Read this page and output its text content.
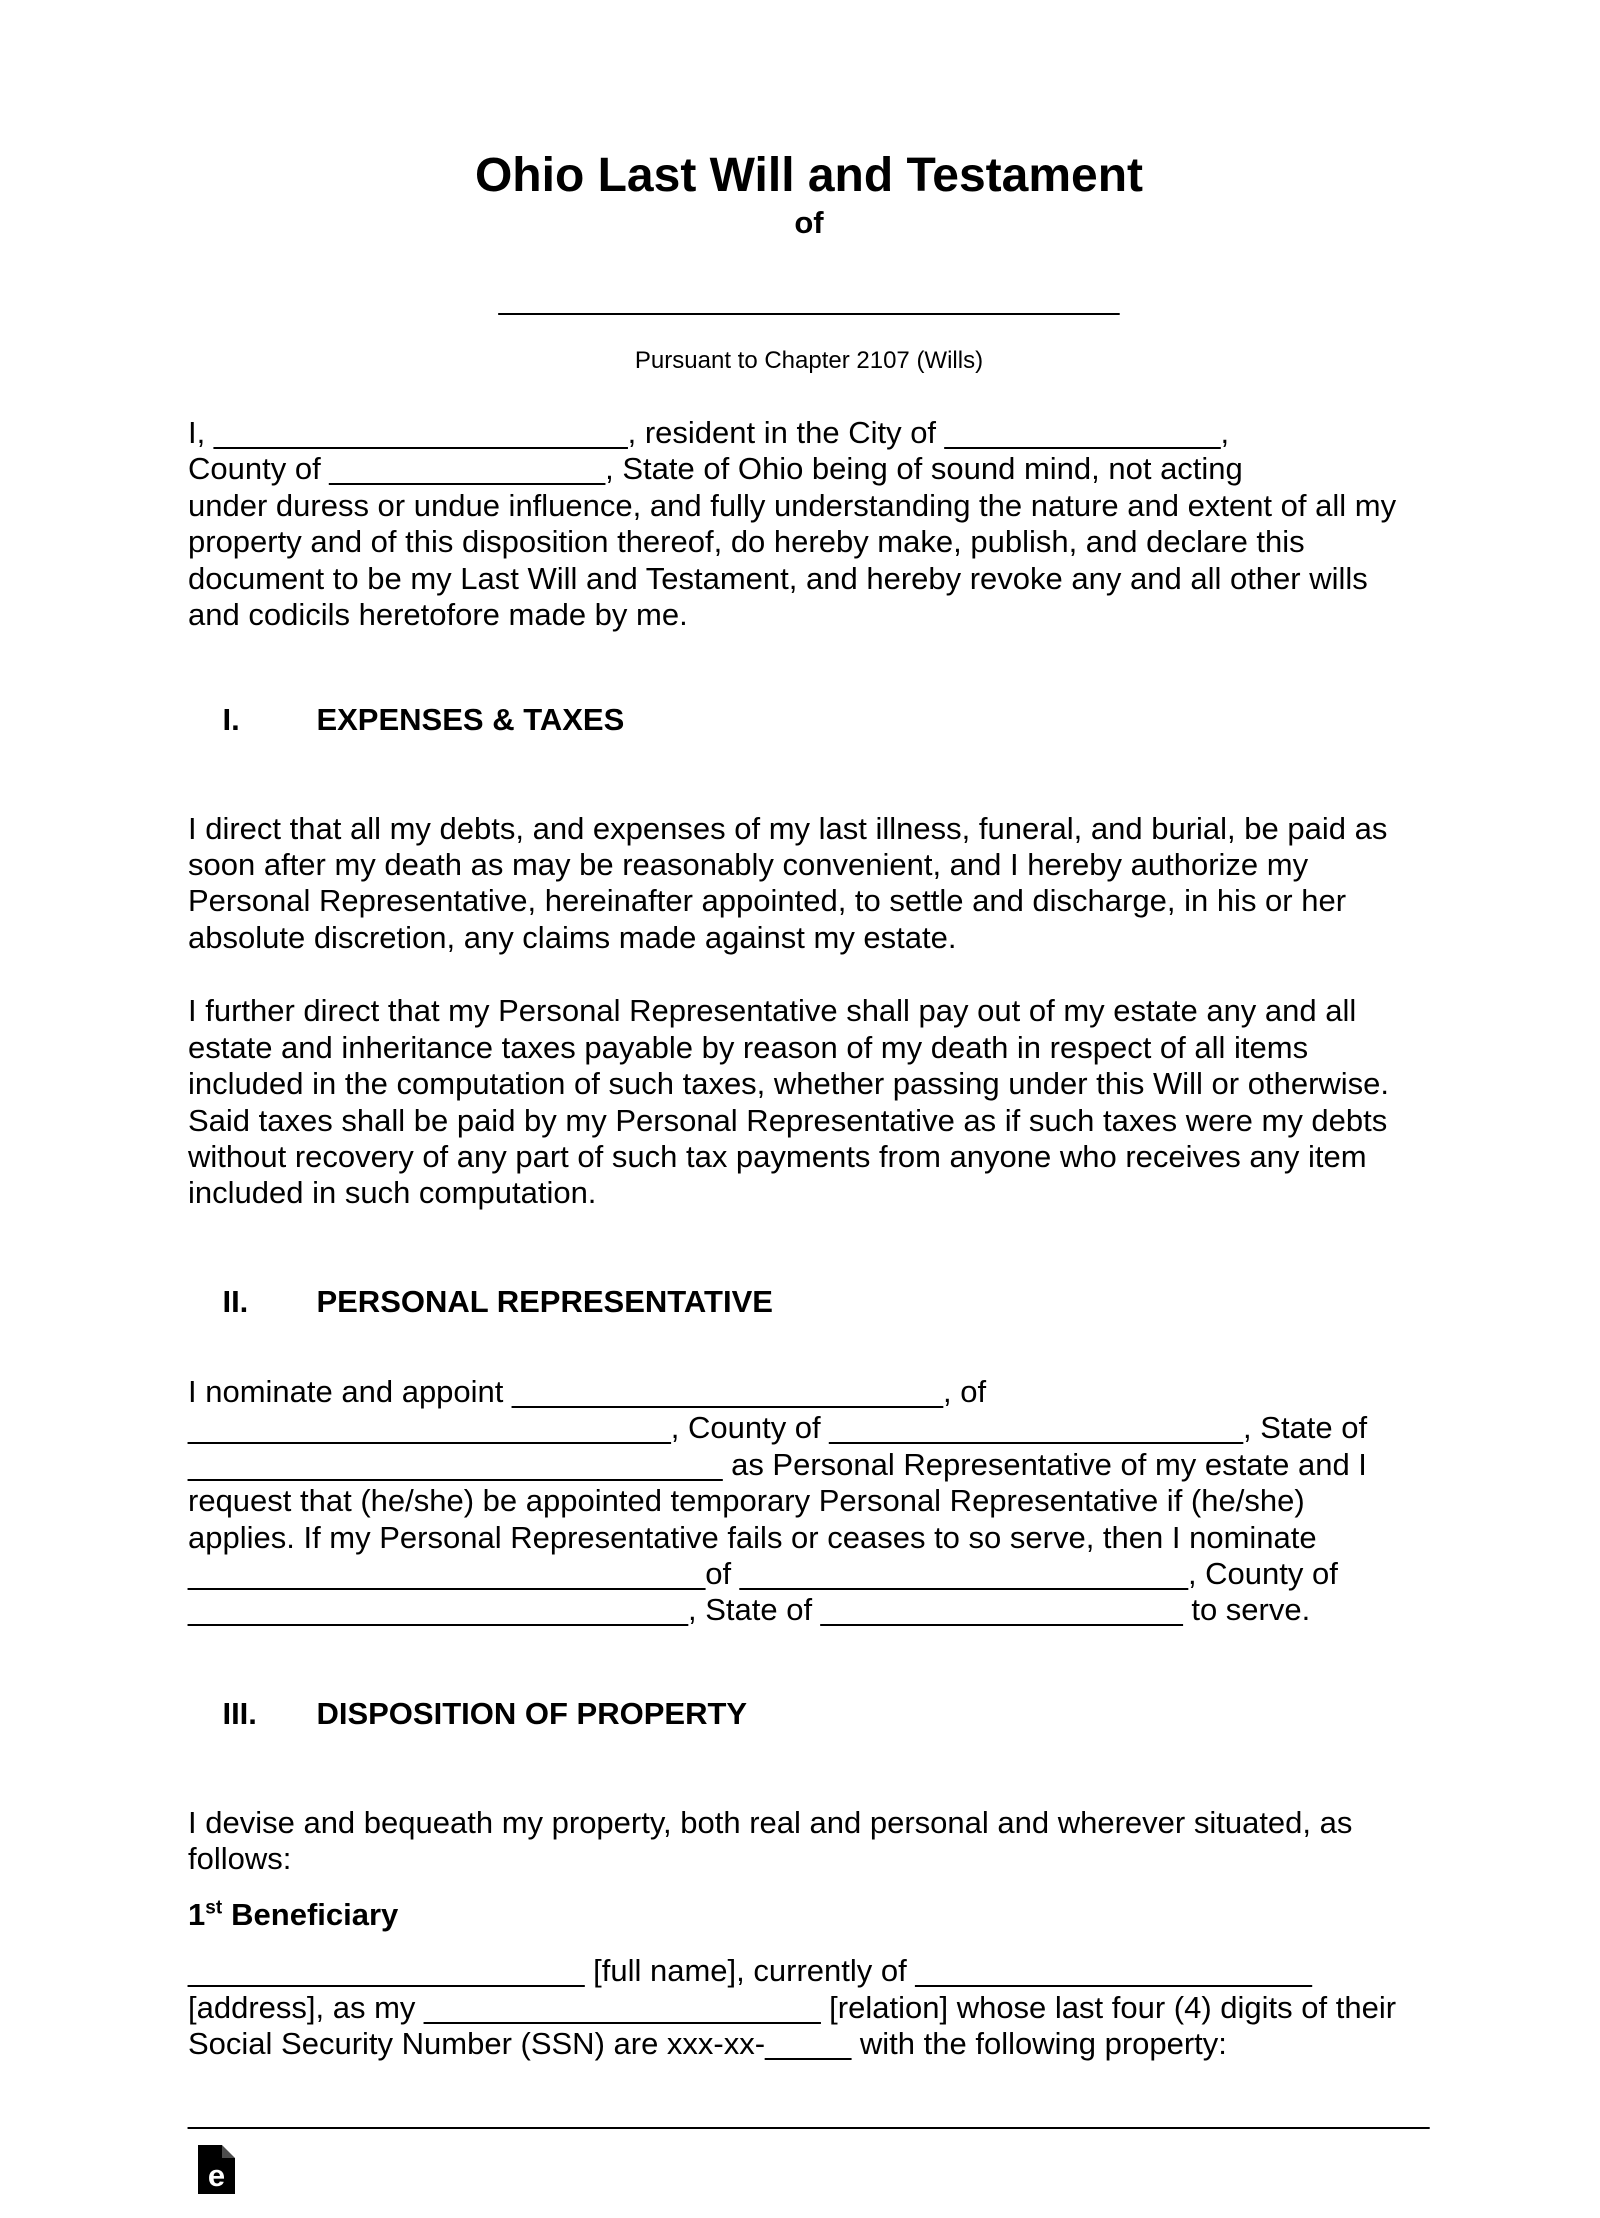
Ohio Last Will and Testament
of
____________________________________
Pursuant to Chapter 2107 (Wills)
I, ________________________, resident in the City of ________________,
County of ________________, State of Ohio being of sound mind, not acting
under duress or undue influence, and fully understanding the nature and extent of all my
property and of this disposition thereof, do hereby make, publish, and declare this
document to be my Last Will and Testament, and hereby revoke any and all other wills
and codicils heretofore made by me.

I. EXPENSES & TAXES

I direct that all my debts, and expenses of my last illness, funeral, and burial, be paid as
soon after my death as may be reasonably convenient, and I hereby authorize my
Personal Representative, hereinafter appointed, to settle and discharge, in his or her
absolute discretion, any claims made against my estate.
I further direct that my Personal Representative shall pay out of my estate any and all
estate and inheritance taxes payable by reason of my death in respect of all items
included in the computation of such taxes, whether passing under this Will or otherwise.
Said taxes shall be paid by my Personal Representative as if such taxes were my debts
without recovery of any part of such tax payments from anyone who receives any item
included in such computation.

II. PERSONAL REPRESENTATIVE

I nominate and appoint _________________________, of
____________________________, County of ________________________, State of
_______________________________ as Personal Representative of my estate and I
request that (he/she) be appointed temporary Personal Representative if (he/she)
applies. If my Personal Representative fails or ceases to so serve, then I nominate
______________________________of __________________________, County of
_____________________________, State of _____________________ to serve.

III. DISPOSITION OF PROPERTY

I devise and bequeath my property, both real and personal and wherever situated, as
follows:
1st Beneficiary
_______________________ [full name], currently of _______________________
[address], as my _______________________ [relation] whose last four (4) digits of their
Social Security Number (SSN) are xxx-xx-_____ with the following property:
________________________________________________________________________
e
